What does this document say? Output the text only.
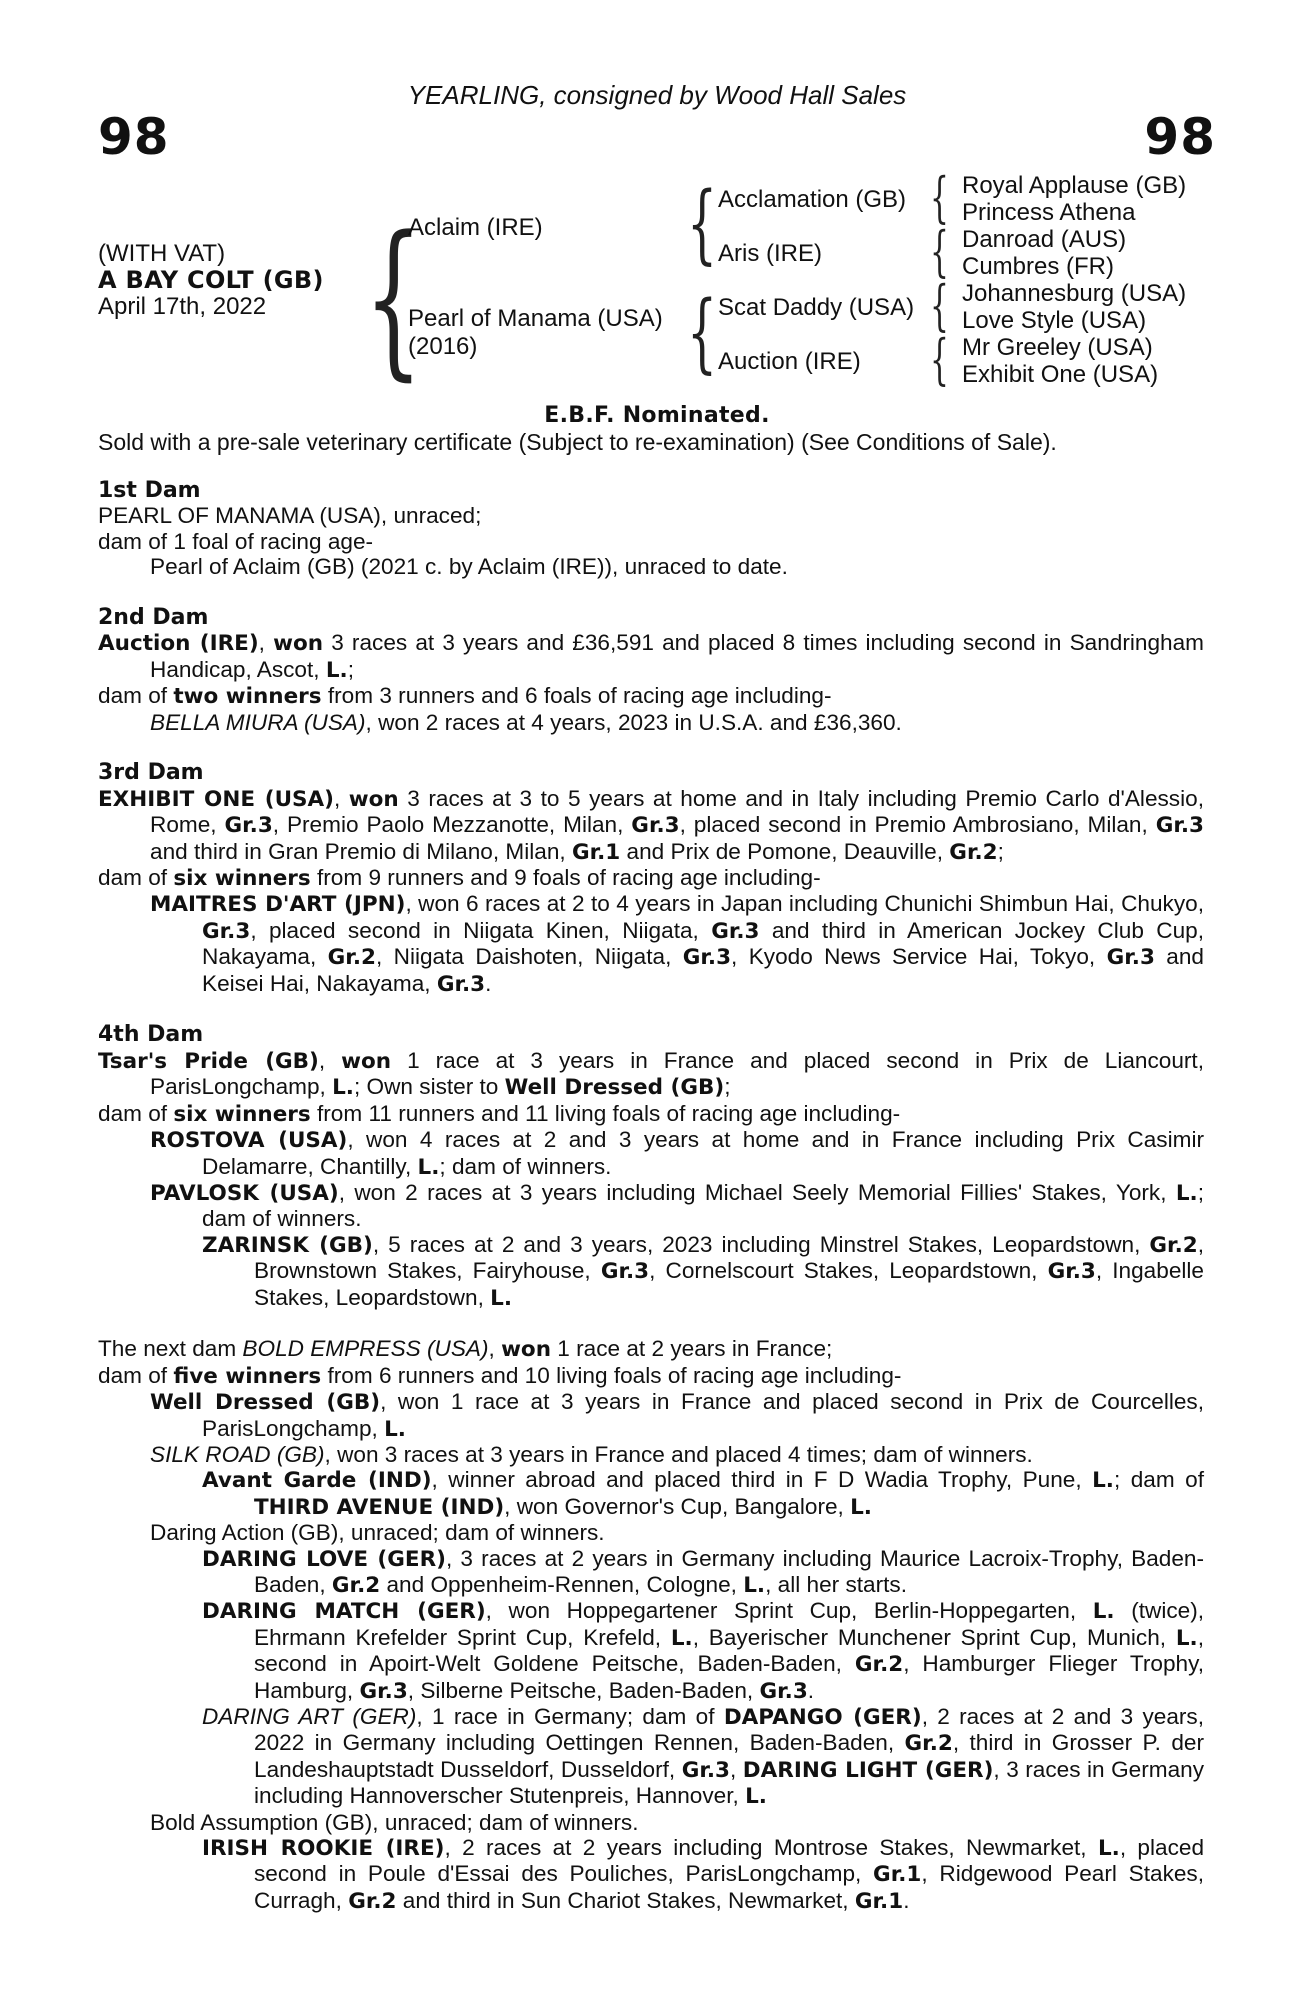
YEARLING, consigned by Wood Hall Sales
98	98
(WITH VAT)
A BAY COLT (GB)
April 17th, 2022 {
Aclaim (IRE)
Pearl of Manama (USA)
(2016)
{
{
Acclamation (GB)
Aris (IRE)
Scat Daddy (USA)
Auction (IRE)
{
{
{
{
Royal Applause (GB)
Princess Athena
Danroad (AUS)
Cumbres (FR)
Johannesburg (USA)
Love Style (USA)
Mr Greeley (USA)
Exhibit One (USA)
E.B.F. Nominated.
Sold with a pre-sale veterinary certificate (Subject to re-examination) (See Conditions of Sale).

1st Dam

PEARL OF MANAMA (USA), unraced;

dam of 1 foal of racing age-

Pearl of Aclaim (GB) (2021 c. by Aclaim (IRE)), unraced to date.

2nd Dam

Auction (IRE), won 3 races at 3 years and £36,591 and placed 8 times including second in Sandringham Handicap, Ascot, L.;

dam of two winners from 3 runners and 6 foals of racing age including-

BELLA MIURA (USA), won 2 races at 4 years, 2023 in U.S.A. and £36,360.

3rd Dam

EXHIBIT ONE (USA), won 3 races at 3 to 5 years at home and in Italy including Premio Carlo d'Alessio, Rome, Gr.3, Premio Paolo Mezzanotte, Milan, Gr.3, placed second in Premio Ambrosiano, Milan, Gr.3 and third in Gran Premio di Milano, Milan, Gr.1 and Prix de Pomone, Deauville, Gr.2;

dam of six winners from 9 runners and 9 foals of racing age including-

MAITRES D'ART (JPN), won 6 races at 2 to 4 years in Japan including Chunichi Shimbun Hai, Chukyo, Gr.3, placed second in Niigata Kinen, Niigata, Gr.3 and third in American Jockey Club Cup, Nakayama, Gr.2, Niigata Daishoten, Niigata, Gr.3, Kyodo News Service Hai, Tokyo, Gr.3 and Keisei Hai, Nakayama, Gr.3.

4th Dam

Tsar's Pride (GB), won 1 race at 3 years in France and placed second in Prix de Liancourt, ParisLongchamp, L.; Own sister to Well Dressed (GB);

dam of six winners from 11 runners and 11 living foals of racing age including-

ROSTOVA (USA), won 4 races at 2 and 3 years at home and in France including Prix Casimir Delamarre, Chantilly, L.; dam of winners.

PAVLOSK (USA), won 2 races at 3 years including Michael Seely Memorial Fillies' Stakes, York, L.; dam of winners.

ZARINSK (GB), 5 races at 2 and 3 years, 2023 including Minstrel Stakes, Leopardstown, Gr.2, Brownstown Stakes, Fairyhouse, Gr.3, Cornelscourt Stakes, Leopardstown, Gr.3, Ingabelle Stakes, Leopardstown, L.

The next dam BOLD EMPRESS (USA), won 1 race at 2 years in France;

dam of five winners from 6 runners and 10 living foals of racing age including-

Well Dressed (GB), won 1 race at 3 years in France and placed second in Prix de Courcelles, ParisLongchamp, L.

SILK ROAD (GB), won 3 races at 3 years in France and placed 4 times; dam of winners.

Avant Garde (IND), winner abroad and placed third in F D Wadia Trophy, Pune, L.; dam of THIRD AVENUE (IND), won Governor's Cup, Bangalore, L.

Daring Action (GB), unraced; dam of winners.

DARING LOVE (GER), 3 races at 2 years in Germany including Maurice Lacroix-Trophy, Baden-Baden, Gr.2 and Oppenheim-Rennen, Cologne, L., all her starts.

DARING MATCH (GER), won Hoppegartener Sprint Cup, Berlin-Hoppegarten, L. (twice), Ehrmann Krefelder Sprint Cup, Krefeld, L., Bayerischer Munchener Sprint Cup, Munich, L., second in Apoirt-Welt Goldene Peitsche, Baden-Baden, Gr.2, Hamburger Flieger Trophy, Hamburg, Gr.3, Silberne Peitsche, Baden-Baden, Gr.3.

DARING ART (GER), 1 race in Germany; dam of DAPANGO (GER), 2 races at 2 and 3 years, 2022 in Germany including Oettingen Rennen, Baden-Baden, Gr.2, third in Grosser P. der Landeshauptstadt Dusseldorf, Dusseldorf, Gr.3, DARING LIGHT (GER), 3 races in Germany including Hannoverscher Stutenpreis, Hannover, L.

Bold Assumption (GB), unraced; dam of winners.

IRISH ROOKIE (IRE), 2 races at 2 years including Montrose Stakes, Newmarket, L., placed second in Poule d'Essai des Pouliches, ParisLongchamp, Gr.1, Ridgewood Pearl Stakes, Curragh, Gr.2 and third in Sun Chariot Stakes, Newmarket, Gr.1.
